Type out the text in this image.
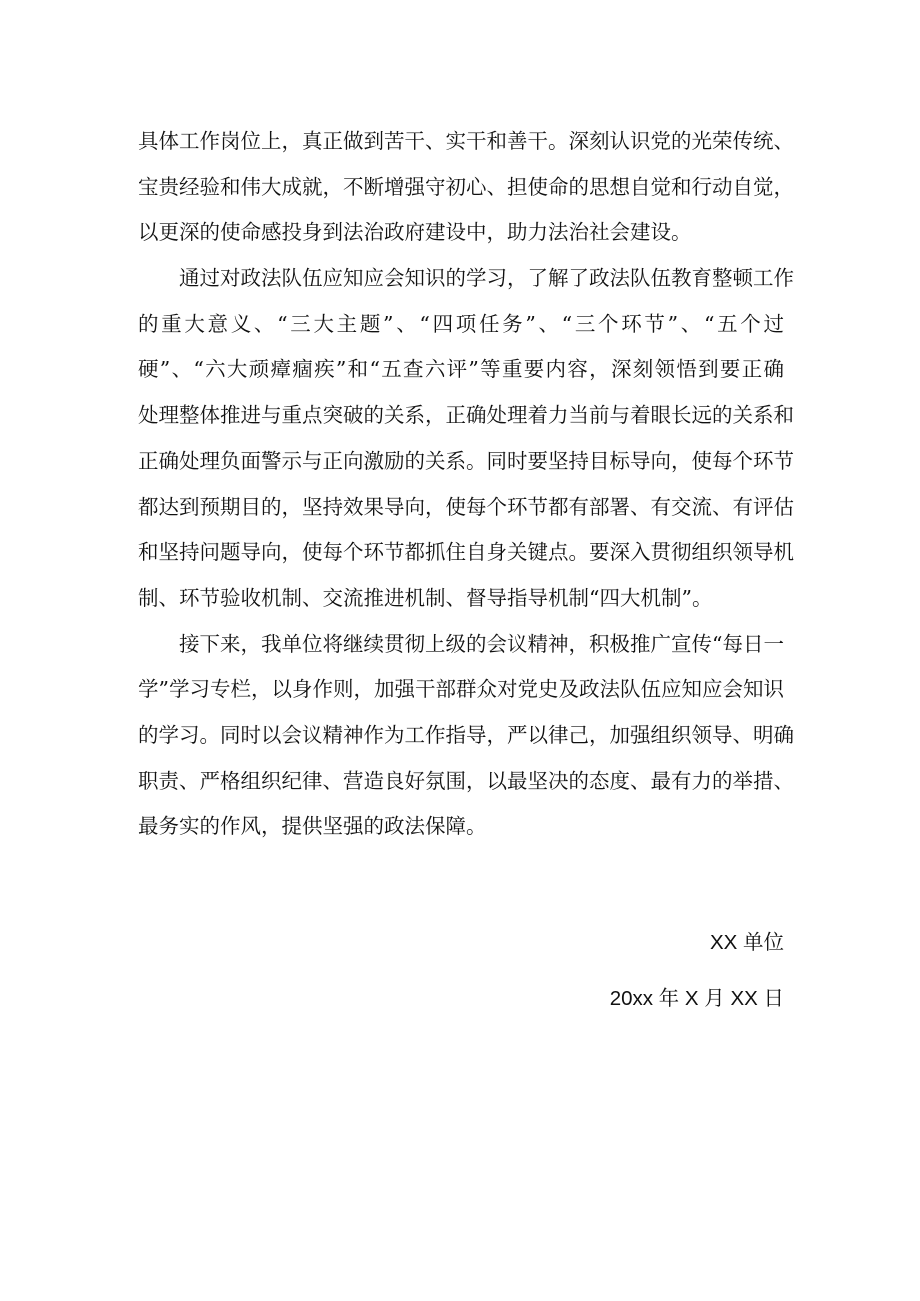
具体工作岗位上，真正做到苦干、实干和善干。深刻认识党的光荣传统、
宝贵经验和伟大成就，不断增强守初心、担使命的思想自觉和行动自觉，
以更深的使命感投身到法治政府建设中，助力法治社会建设。
通过对政法队伍应知应会知识的学习，了解了政法队伍教育整顿工作
的重大意义、“三大主题”、“四项任务”、“三个环节”、“五个过
硬”、“六大顽瘴痼疾”和“五查六评”等重要内容，深刻领悟到要正确
处理整体推进与重点突破的关系，正确处理着力当前与着眼长远的关系和
正确处理负面警示与正向激励的关系。同时要坚持目标导向，使每个环节
都达到预期目的，坚持效果导向，使每个环节都有部署、有交流、有评估
和坚持问题导向，使每个环节都抓住自身关键点。要深入贯彻组织领导机
制、环节验收机制、交流推进机制、督导指导机制“四大机制”。
接下来，我单位将继续贯彻上级的会议精神，积极推广宣传“每日一
学”学习专栏，以身作则，加强干部群众对党史及政法队伍应知应会知识
的学习。同时以会议精神作为工作指导，严以律己，加强组织领导、明确
职责、严格组织纪律、营造良好氛围，以最坚决的态度、最有力的举措、
最务实的作风，提供坚强的政法保障。
XX 单位
20xx 年 X 月 XX 日
